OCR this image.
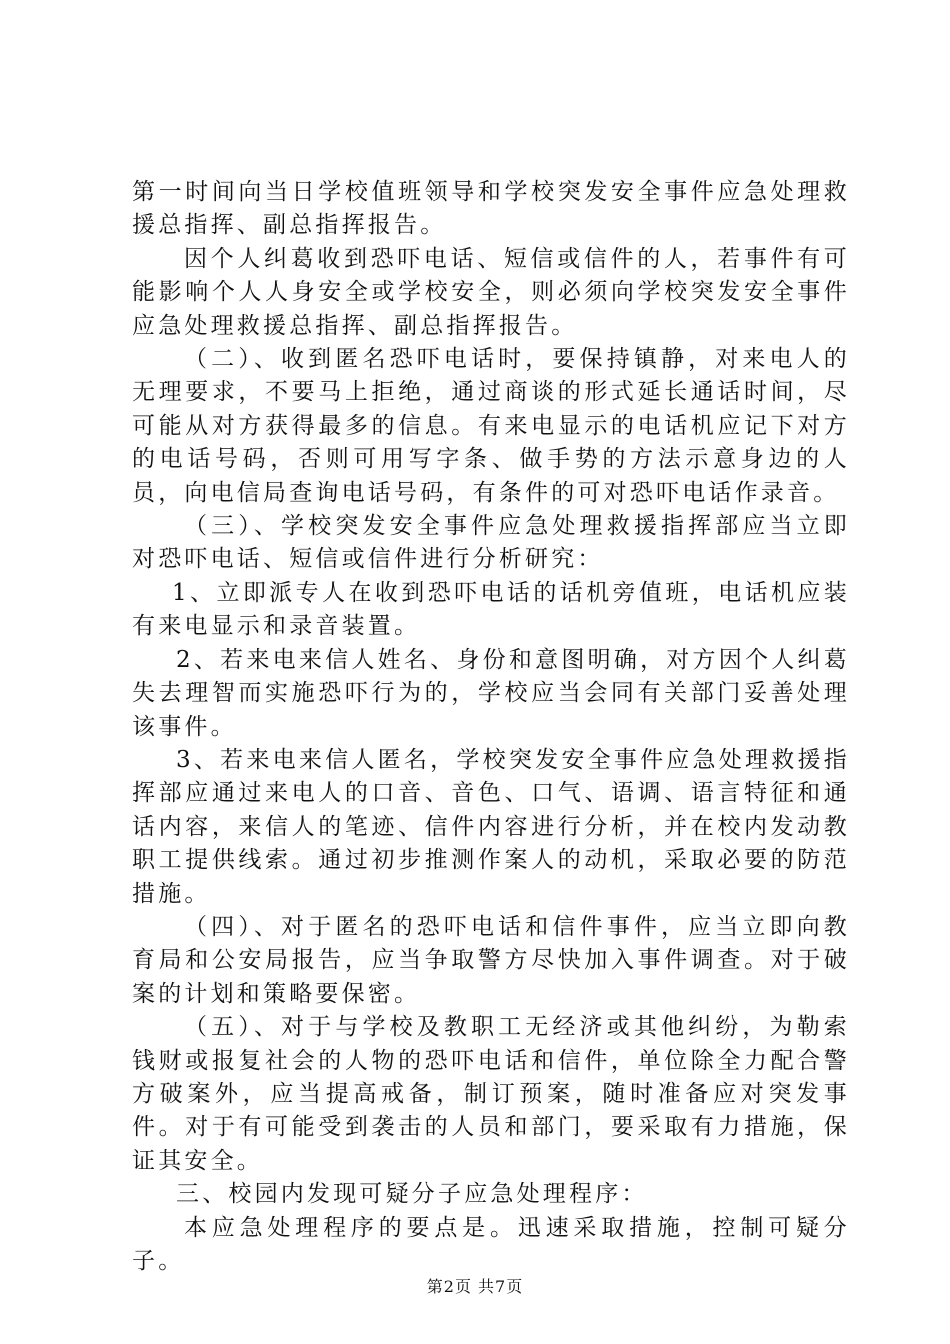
第一时间向当日学校值班领导和学校突发安全事件应急处理救援总指挥、副总指挥报告。

因个人纠葛收到恐吓电话、短信或信件的人，若事件有可能影响个人人身安全或学校安全，则必须向学校突发安全事件应急处理救援总指挥、副总指挥报告。

（二）、收到匿名恐吓电话时，要保持镇静，对来电人的无理要求，不要马上拒绝，通过商谈的形式延长通话时间，尽可能从对方获得最多的信息。有来电显示的电话机应记下对方的电话号码，否则可用写字条、做手势的方法示意身边的人员，向电信局查询电话号码，有条件的可对恐吓电话作录音。

（三）、学校突发安全事件应急处理救援指挥部应当立即对恐吓电话、短信或信件进行分析研究：

1、立即派专人在收到恐吓电话的话机旁值班，电话机应装有来电显示和录音装置。

2、若来电来信人姓名、身份和意图明确，对方因个人纠葛失去理智而实施恐吓行为的，学校应当会同有关部门妥善处理该事件。

3、若来电来信人匿名，学校突发安全事件应急处理救援指挥部应通过来电人的口音、音色、口气、语调、语言特征和通话内容，来信人的笔迹、信件内容进行分析，并在校内发动教职工提供线索。通过初步推测作案人的动机，采取必要的防范措施。

（四）、对于匿名的恐吓电话和信件事件，应当立即向教育局和公安局报告，应当争取警方尽快加入事件调查。对于破案的计划和策略要保密。

（五）、对于与学校及教职工无经济或其他纠纷，为勒索钱财或报复社会的人物的恐吓电话和信件，单位除全力配合警方破案外，应当提高戒备，制订预案，随时准备应对突发事件。对于有可能受到袭击的人员和部门，要采取有力措施，保证其安全。

三、校园内发现可疑分子应急处理程序：

本应急处理程序的要点是。迅速采取措施，控制可疑分子。

第2页 共7页
